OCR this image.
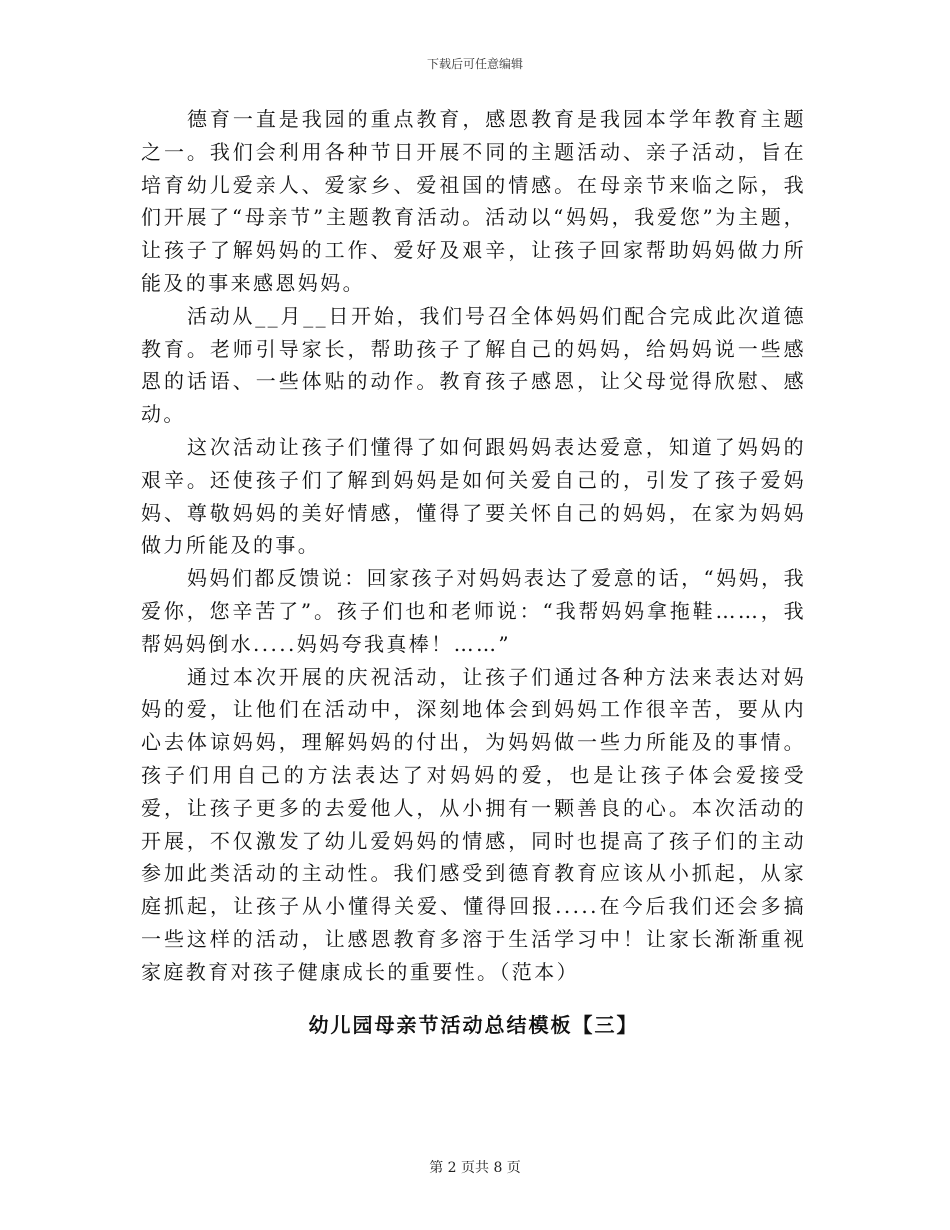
下载后可任意编辑

德育一直是我园的重点教育，感恩教育是我园本学年教育主题之一。我们会利用各种节日开展不同的主题活动、亲子活动，旨在培育幼儿爱亲人、爱家乡、爱祖国的情感。在母亲节来临之际，我们开展了“母亲节”主题教育活动。活动以“妈妈，我爱您”为主题，让孩子了解妈妈的工作、爱好及艰辛，让孩子回家帮助妈妈做力所能及的事来感恩妈妈。

活动从__月__日开始，我们号召全体妈妈们配合完成此次道德教育。老师引导家长，帮助孩子了解自己的妈妈，给妈妈说一些感恩的话语、一些体贴的动作。教育孩子感恩，让父母觉得欣慰、感动。

这次活动让孩子们懂得了如何跟妈妈表达爱意，知道了妈妈的艰辛。还使孩子们了解到妈妈是如何关爱自己的，引发了孩子爱妈妈、尊敬妈妈的美好情感，懂得了要关怀自己的妈妈，在家为妈妈做力所能及的事。

妈妈们都反馈说：回家孩子对妈妈表达了爱意的话，“妈妈，我爱你，您辛苦了”。孩子们也和老师说：“我帮妈妈拿拖鞋……，我帮妈妈倒水.....妈妈夸我真棒！……”

通过本次开展的庆祝活动，让孩子们通过各种方法来表达对妈妈的爱，让他们在活动中，深刻地体会到妈妈工作很辛苦，要从内心去体谅妈妈，理解妈妈的付出，为妈妈做一些力所能及的事情。孩子们用自己的方法表达了对妈妈的爱，也是让孩子体会爱接受爱，让孩子更多的去爱他人，从小拥有一颗善良的心。本次活动的开展，不仅激发了幼儿爱妈妈的情感，同时也提高了孩子们的主动参加此类活动的主动性。我们感受到德育教育应该从小抓起，从家庭抓起，让孩子从小懂得关爱、懂得回报.....在今后我们还会多搞一些这样的活动，让感恩教育多溶于生活学习中！让家长渐渐重视家庭教育对孩子健康成长的重要性。（范本）

幼儿园母亲节活动总结模板【三】
第 2 页共 8 页
